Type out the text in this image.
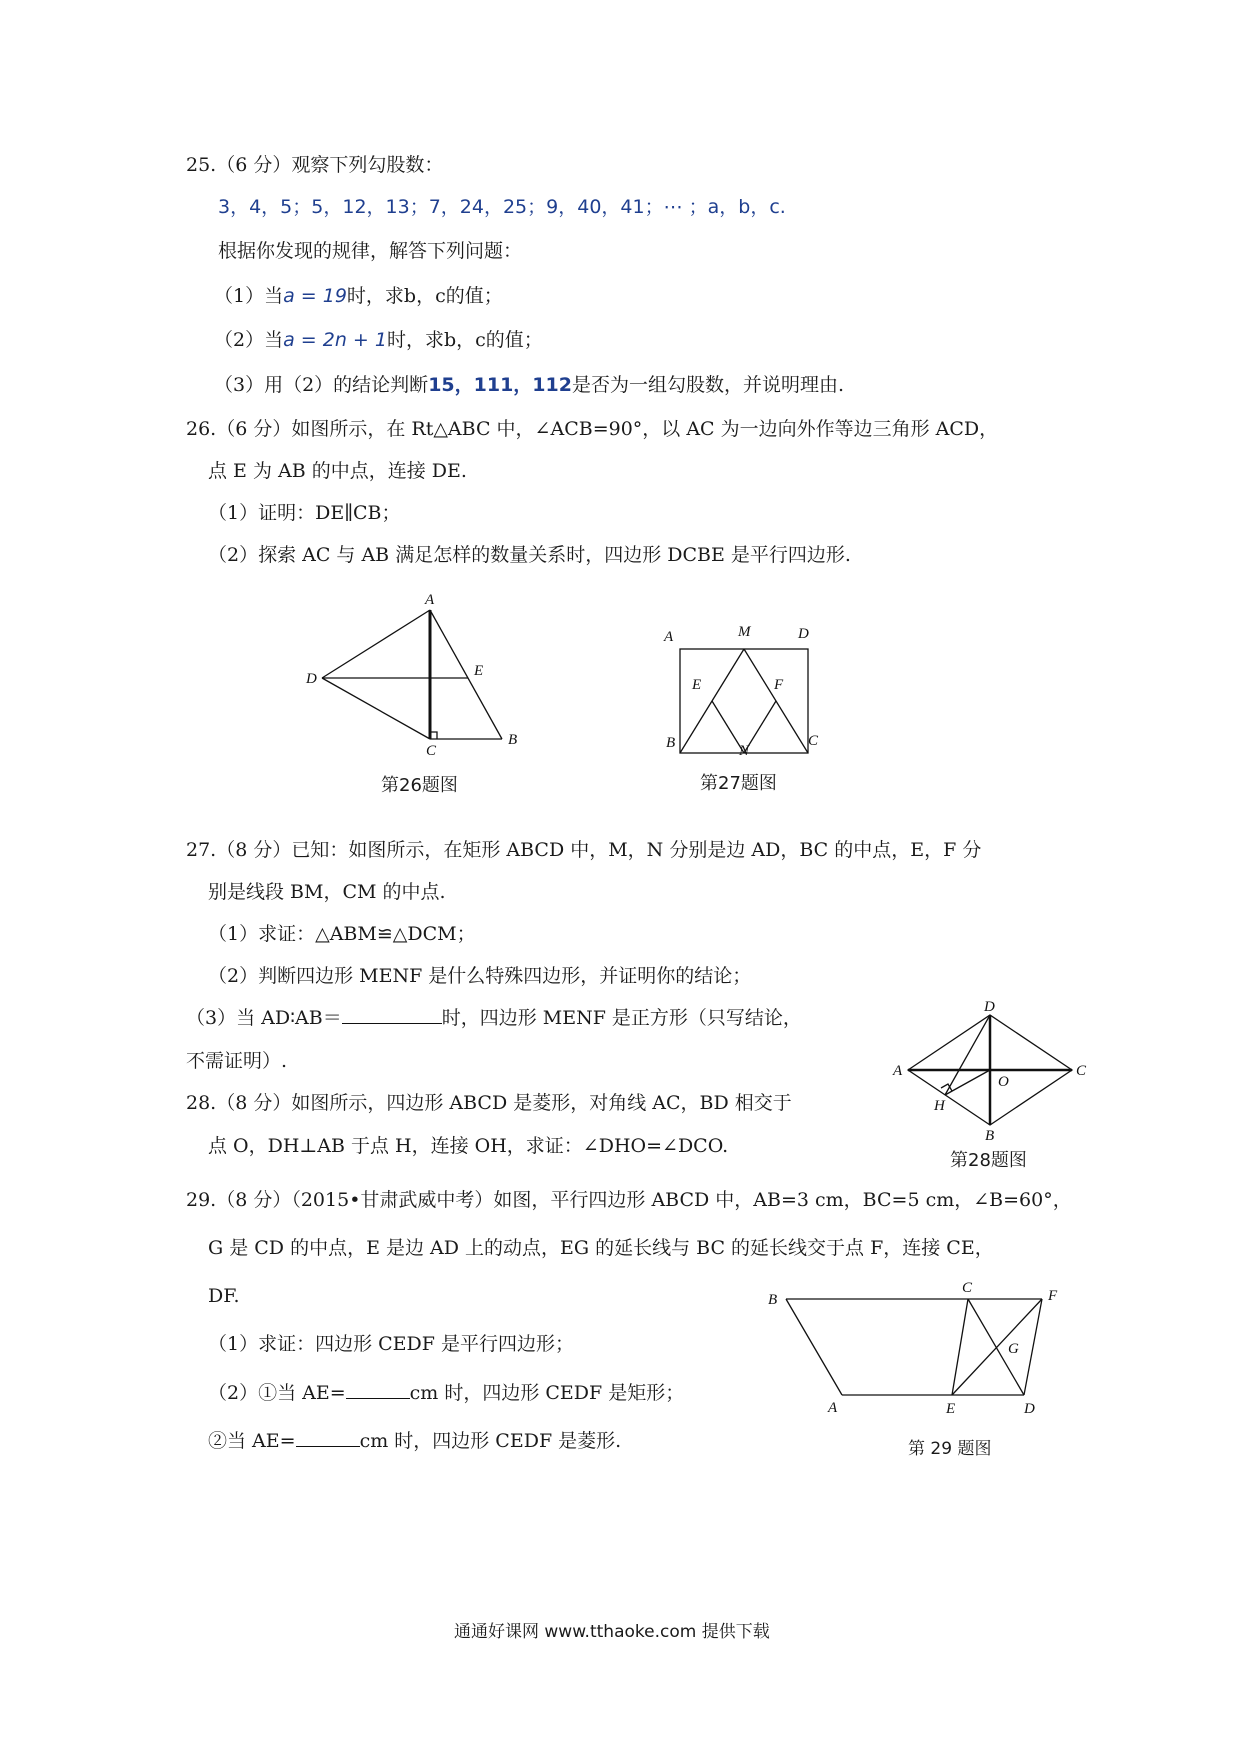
25.（6 分）观察下列勾股数：
3，4，5；5，12，13；7，24，25；9，40，41；⋯ ；a，b，c.
根据你发现的规律，解答下列问题：
（1）当a = 19时，求b，c的值；
（2）当a = 2n + 1时，求b，c的值；
（3）用（2）的结论判断15，111，112是否为一组勾股数，并说明理由.
26.（6 分）如图所示，在 Rt△ABC 中，∠ACB=90°，以 AC 为一边向外作等边三角形 ACD，
点 E 为 AB 的中点，连接 DE.
（1）证明：DE∥CB；
（2）探索 AC 与 AB 满足怎样的数量关系时，四边形 DCBE 是平行四边形.
A
D	E
C
B
第26题图
A	M	D
E	F
B	N
C
第27题图
27.（8 分）已知：如图所示，在矩形 ABCD 中，M，N 分别是边 AD，BC 的中点，E，F 分
别是线段 BM，CM 的中点.
（1）求证：△ABM≌△DCM；
（2）判断四边形 MENF 是什么特殊四边形，并证明你的结论；
（3）当 AD∶AB＝	时，四边形 MENF 是正方形（只写结论，
不需证明）.
28.（8 分）如图所示，四边形 ABCD 是菱形，对角线 AC，BD 相交于
点 O，DH⊥AB 于点 H，连接 OH，求证：∠DHO=∠DCO.
D
A	C
O
H
B
第28题图
29.（8 分）（2015•甘肃武威中考）如图，平行四边形 ABCD 中，AB=3 cm，BC=5 cm，∠B=60°，
G 是 CD 的中点，E 是边 AD 上的动点，EG 的延长线与 BC 的延长线交于点 F，连接 CE，
DF.
（1）求证：四边形 CEDF 是平行四边形；
（2）①当 AE=	cm 时，四边形 CEDF 是矩形；
②当 AE=	cm 时，四边形 CEDF 是菱形.
B
C	F
G
A	E	D
第 29 题图
通通好课网 www.tthaoke.com 提供下载
